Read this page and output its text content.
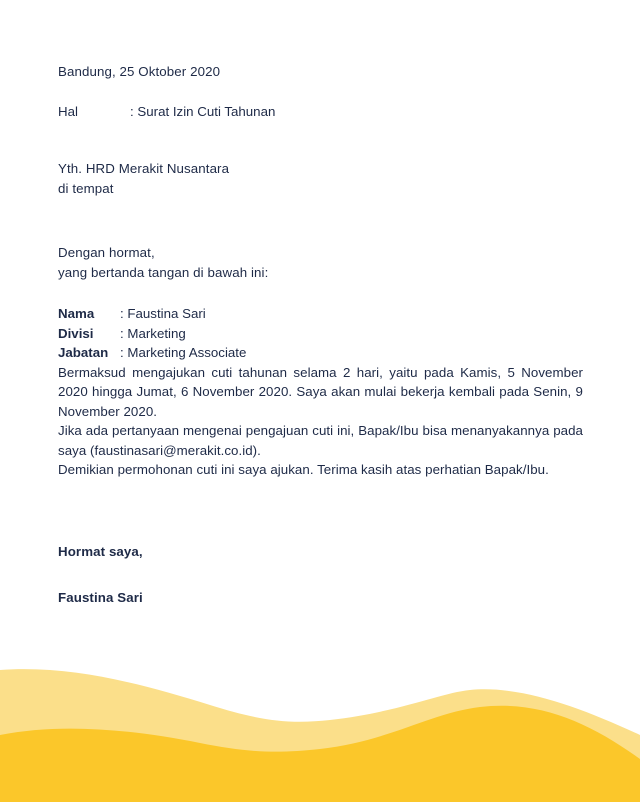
Bandung, 25 Oktober 2020
Hal	: Surat Izin Cuti Tahunan
Yth. HRD Merakit Nusantara
di tempat
Dengan hormat,
yang bertanda tangan di bawah ini:
Nama	: Faustina Sari
Divisi	: Marketing
Jabatan : Marketing Associate

Bermaksud mengajukan cuti tahunan selama 2 hari, yaitu pada Kamis, 5 November 2020 hingga Jumat, 6 November 2020. Saya akan mulai bekerja kembali pada Senin, 9 November 2020.

Jika ada pertanyaan mengenai pengajuan cuti ini, Bapak/Ibu bisa menanyakannya pada saya (faustinasari@merakit.co.id).

Demikian permohonan cuti ini saya ajukan. Terima kasih atas perhatian Bapak/Ibu.

Hormat saya,
Faustina Sari
